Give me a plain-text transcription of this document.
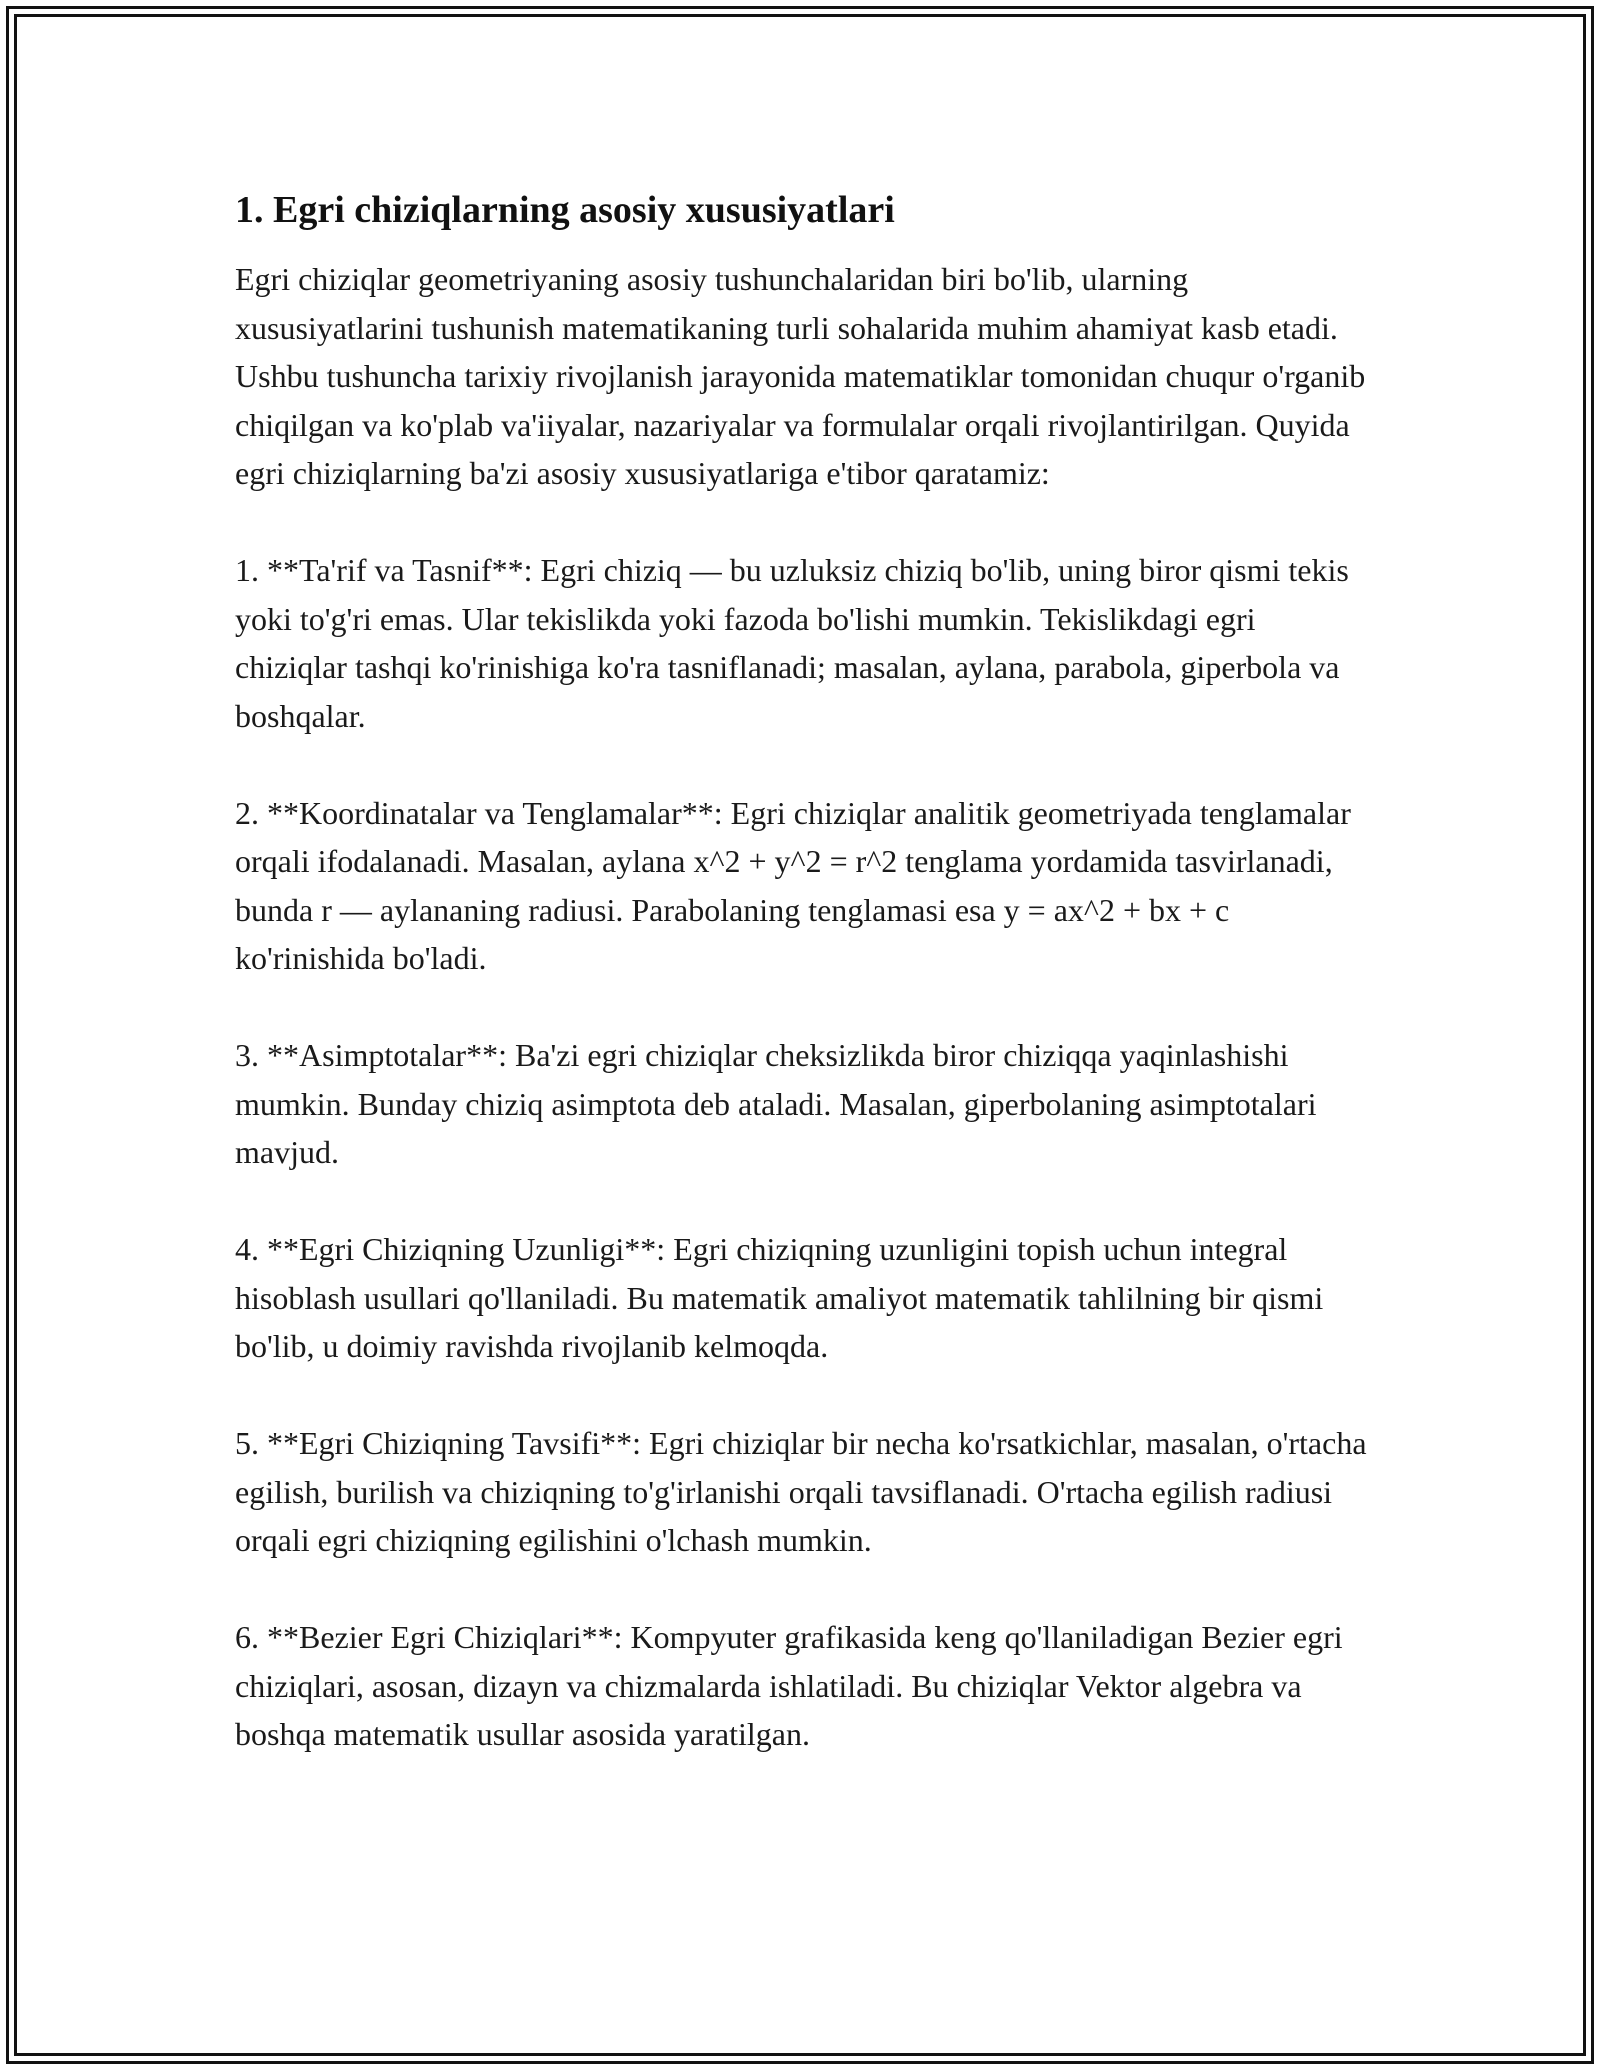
1. Egri chiziqlarning asosiy xususiyatlari

Egri chiziqlar geometriyaning asosiy tushunchalaridan biri bo'lib, ularning xususiyatlarini tushunish matematikaning turli sohalarida muhim ahamiyat kasb etadi. Ushbu tushuncha tarixiy rivojlanish jarayonida matematiklar tomonidan chuqur o'rganib chiqilgan va ko'plab va'iiyalar, nazariyalar va formulalar orqali rivojlantirilgan. Quyida egri chiziqlarning ba'zi asosiy xususiyatlariga e'tibor qaratamiz:

1. **Ta'rif va Tasnif**: Egri chiziq — bu uzluksiz chiziq bo'lib, uning biror qismi tekis yoki to'g'ri emas. Ular tekislikda yoki fazoda bo'lishi mumkin. Tekislikdagi egri chiziqlar tashqi ko'rinishiga ko'ra tasniflanadi; masalan, aylana, parabola, giperbola va boshqalar.

2. **Koordinatalar va Tenglamalar**: Egri chiziqlar analitik geometriyada tenglamalar orqali ifodalanadi. Masalan, aylana x^2 + y^2 = r^2 tenglama yordamida tasvirlanadi, bunda r — aylananing radiusi. Parabolaning tenglamasi esa y = ax^2 + bx + c ko'rinishida bo'ladi.

3. **Asimptotalar**: Ba'zi egri chiziqlar cheksizlikda biror chiziqqa yaqinlashishi mumkin. Bunday chiziq asimptota deb ataladi. Masalan, giperbolaning asimptotalari mavjud.

4. **Egri Chiziqning Uzunligi**: Egri chiziqning uzunligini topish uchun integral hisoblash usullari qo'llaniladi. Bu matematik amaliyot matematik tahlilning bir qismi bo'lib, u doimiy ravishda rivojlanib kelmoqda.

5. **Egri Chiziqning Tavsifi**: Egri chiziqlar bir necha ko'rsatkichlar, masalan, o'rtacha egilish, burilish va chiziqning to'g'irlanishi orqali tavsiflanadi. O'rtacha egilish radiusi orqali egri chiziqning egilishini o'lchash mumkin.

6. **Bezier Egri Chiziqlari**: Kompyuter grafikasida keng qo'llaniladigan Bezier egri chiziqlari, asosan, dizayn va chizmalarda ishlatiladi. Bu chiziqlar Vektor algebra va boshqa matematik usullar asosida yaratilgan.
